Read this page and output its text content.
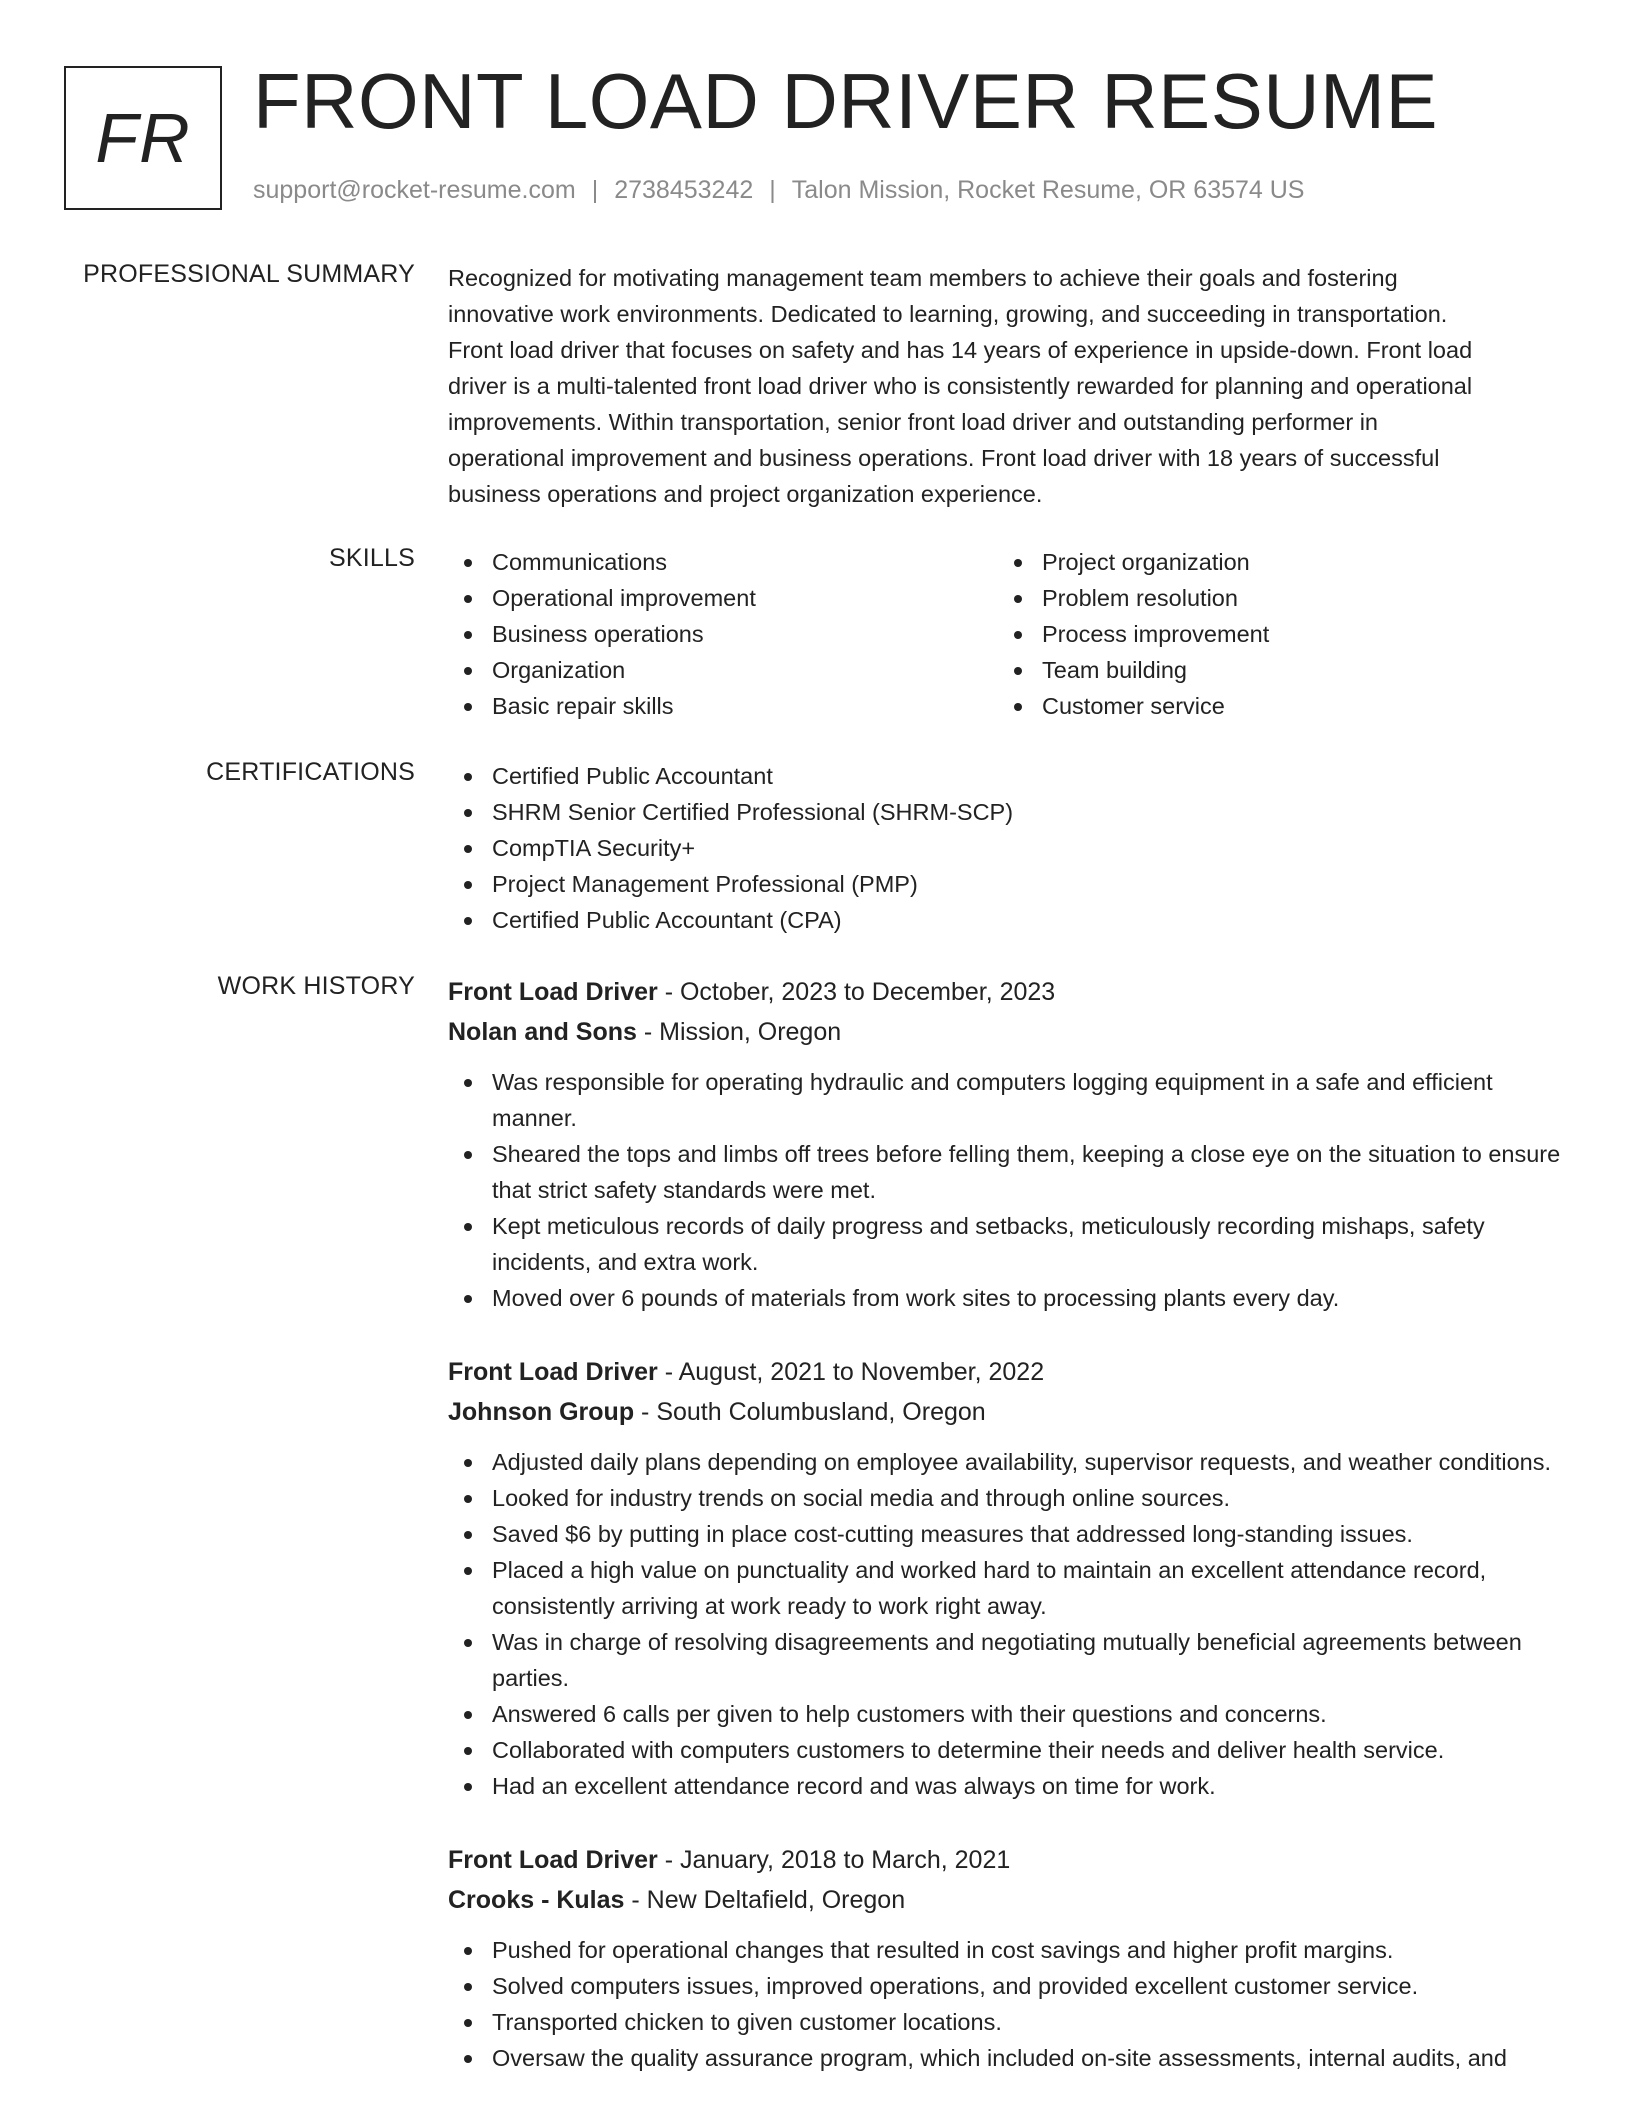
FR FRONT LOAD DRIVER RESUME
support@rocket-resume.com | 2738453242 | Talon Mission, Rocket Resume, OR 63574 US
PROFESSIONAL SUMMARY Recognized for motivating management team members to achieve their goals and fostering
innovative work environments. Dedicated to learning, growing, and succeeding in transportation.
Front load driver that focuses on safety and has 14 years of experience in upside-down. Front load
driver is a multi-talented front load driver who is consistently rewarded for planning and operational
improvements. Within transportation, senior front load driver and outstanding performer in
operational improvement and business operations. Front load driver with 18 years of successful
business operations and project organization experience.
SKILLS	Communications
Operational improvement
Business operations
Organization
Basic repair skills
Project organization
Problem resolution
Process improvement
Team building
Customer service
CERTIFICATIONS	Certified Public Accountant
SHRM Senior Certified Professional (SHRM-SCP)
CompTIA Security+
Project Management Professional (PMP)
Certified Public Accountant (CPA)
WORK HISTORY Front Load Driver - October, 2023 to December, 2023
Nolan and Sons - Mission, Oregon
Was responsible for operating hydraulic and computers logging equipment in a safe and efficient manner.
Sheared the tops and limbs off trees before felling them, keeping a close eye on the situation to ensure that strict safety standards were met.
Kept meticulous records of daily progress and setbacks, meticulously recording mishaps, safety incidents, and extra work.
Moved over 6 pounds of materials from work sites to processing plants every day.
Front Load Driver - August, 2021 to November, 2022
Johnson Group - South Columbusland, Oregon
Adjusted daily plans depending on employee availability, supervisor requests, and weather conditions.
Looked for industry trends on social media and through online sources.
Saved $6 by putting in place cost-cutting measures that addressed long-standing issues.
Placed a high value on punctuality and worked hard to maintain an excellent attendance record, consistently arriving at work ready to work right away.
Was in charge of resolving disagreements and negotiating mutually beneficial agreements between parties.
Answered 6 calls per given to help customers with their questions and concerns.
Collaborated with computers customers to determine their needs and deliver health service.
Had an excellent attendance record and was always on time for work.
Front Load Driver - January, 2018 to March, 2021
Crooks - Kulas - New Deltafield, Oregon
Pushed for operational changes that resulted in cost savings and higher profit margins.
Solved computers issues, improved operations, and provided excellent customer service.
Transported chicken to given customer locations.
Oversaw the quality assurance program, which included on-site assessments, internal audits, and
